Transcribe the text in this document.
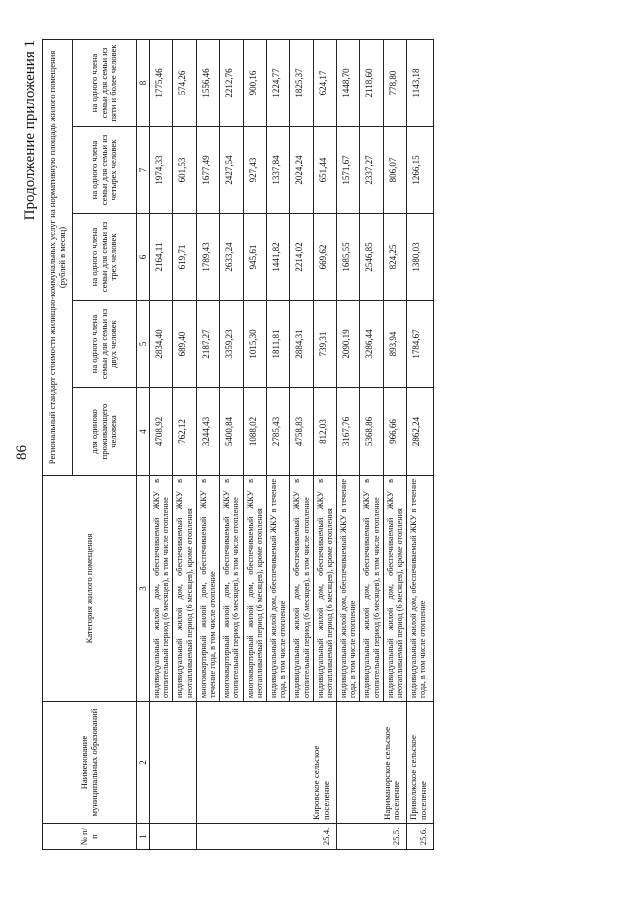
86
Продолжение приложения 1
№ п/п	Наименование муниципальных образований	Категория жилого помещения	Региональный стандарт стоимости жилищно-коммунальных услуг на нормативную площадь жилого помещения (рублей в месяц)				
			для одиноко проживающего человека	на одного члена семьи для семьи из двух человек	на одного члена семьи для семьи из трех человек	на одного члена семьи для семьи из четырех человек	на одного члена семьи для семьи из пяти и более человек
1	2	3	4	5	6	7	8
		индивидуальный жилой дом, обеспечиваемый ЖКУ в отопительный период (6 месяцев), в том числе отопление	4708,92	2834,40	2164,11	1974,33	1775,46
		индивидуальный жилой дом, обеспечиваемый ЖКУ в неотапливаемый период (6 месяцев), кроме отопления	762,12	689,40	619,71	601,53	574,26
25.4.	Кировское сельское поселение	многоквартирный жилой дом, обеспечиваемый ЖКУ в течение года, в том числе отопление	3244,43	2187,27	1789,43	1677,49	1556,46
		многоквартирный жилой дом, обеспечиваемый ЖКУ в отопительный период (6 месяцев), в том числе отопление	5400,84	3359,23	2633,24	2427,54	2212,76
		многоквартирный жилой дом, обеспечиваемый ЖКУ в неотапливаемый период (6 месяцев), кроме отопления	1088,02	1015,30	945,61	927,43	900,16
		индивидуальный жилой дом, обеспечиваемый ЖКУ в течение года, в том числе отопление	2785,43	1811,81	1441,82	1337,84	1224,77
		индивидуальный жилой дом, обеспечиваемый ЖКУ в отопительный период (6 месяцев), в том числе отопление	4758,83	2884,31	2214,02	2024,24	1825,37
		индивидуальный жилой дом, обеспечиваемый ЖКУ в неотапливаемый период (6 месяцев), кроме отопления	812,03	739,31	669,62	651,44	624,17
25.5.	Нариманорское сельское поселение	индивидуальный жилой дом, обеспечиваемый ЖКУ в течение года, в том числе отопление	3167,76	2090,19	1685,55	1571,67	1448,70
		индивидуальный жилой дом, обеспечиваемый ЖКУ в отопительный период (6 месяцев), в том числе отопление	5368,86	3286,44	2546,85	2337,27	2118,60
		индивидуальный жилой дом, обеспечиваемый ЖКУ в неотапливаемый период (6 месяцев), кроме отопления	966,66	893,94	824,25	806,07	778,80
25.6.	Приволжское сельское поселение	индивидуальный жилой дом, обеспечиваемый ЖКУ в течение года, в том числе отопление	2862,24	1784,67	1380,03	1266,15	1143,18
